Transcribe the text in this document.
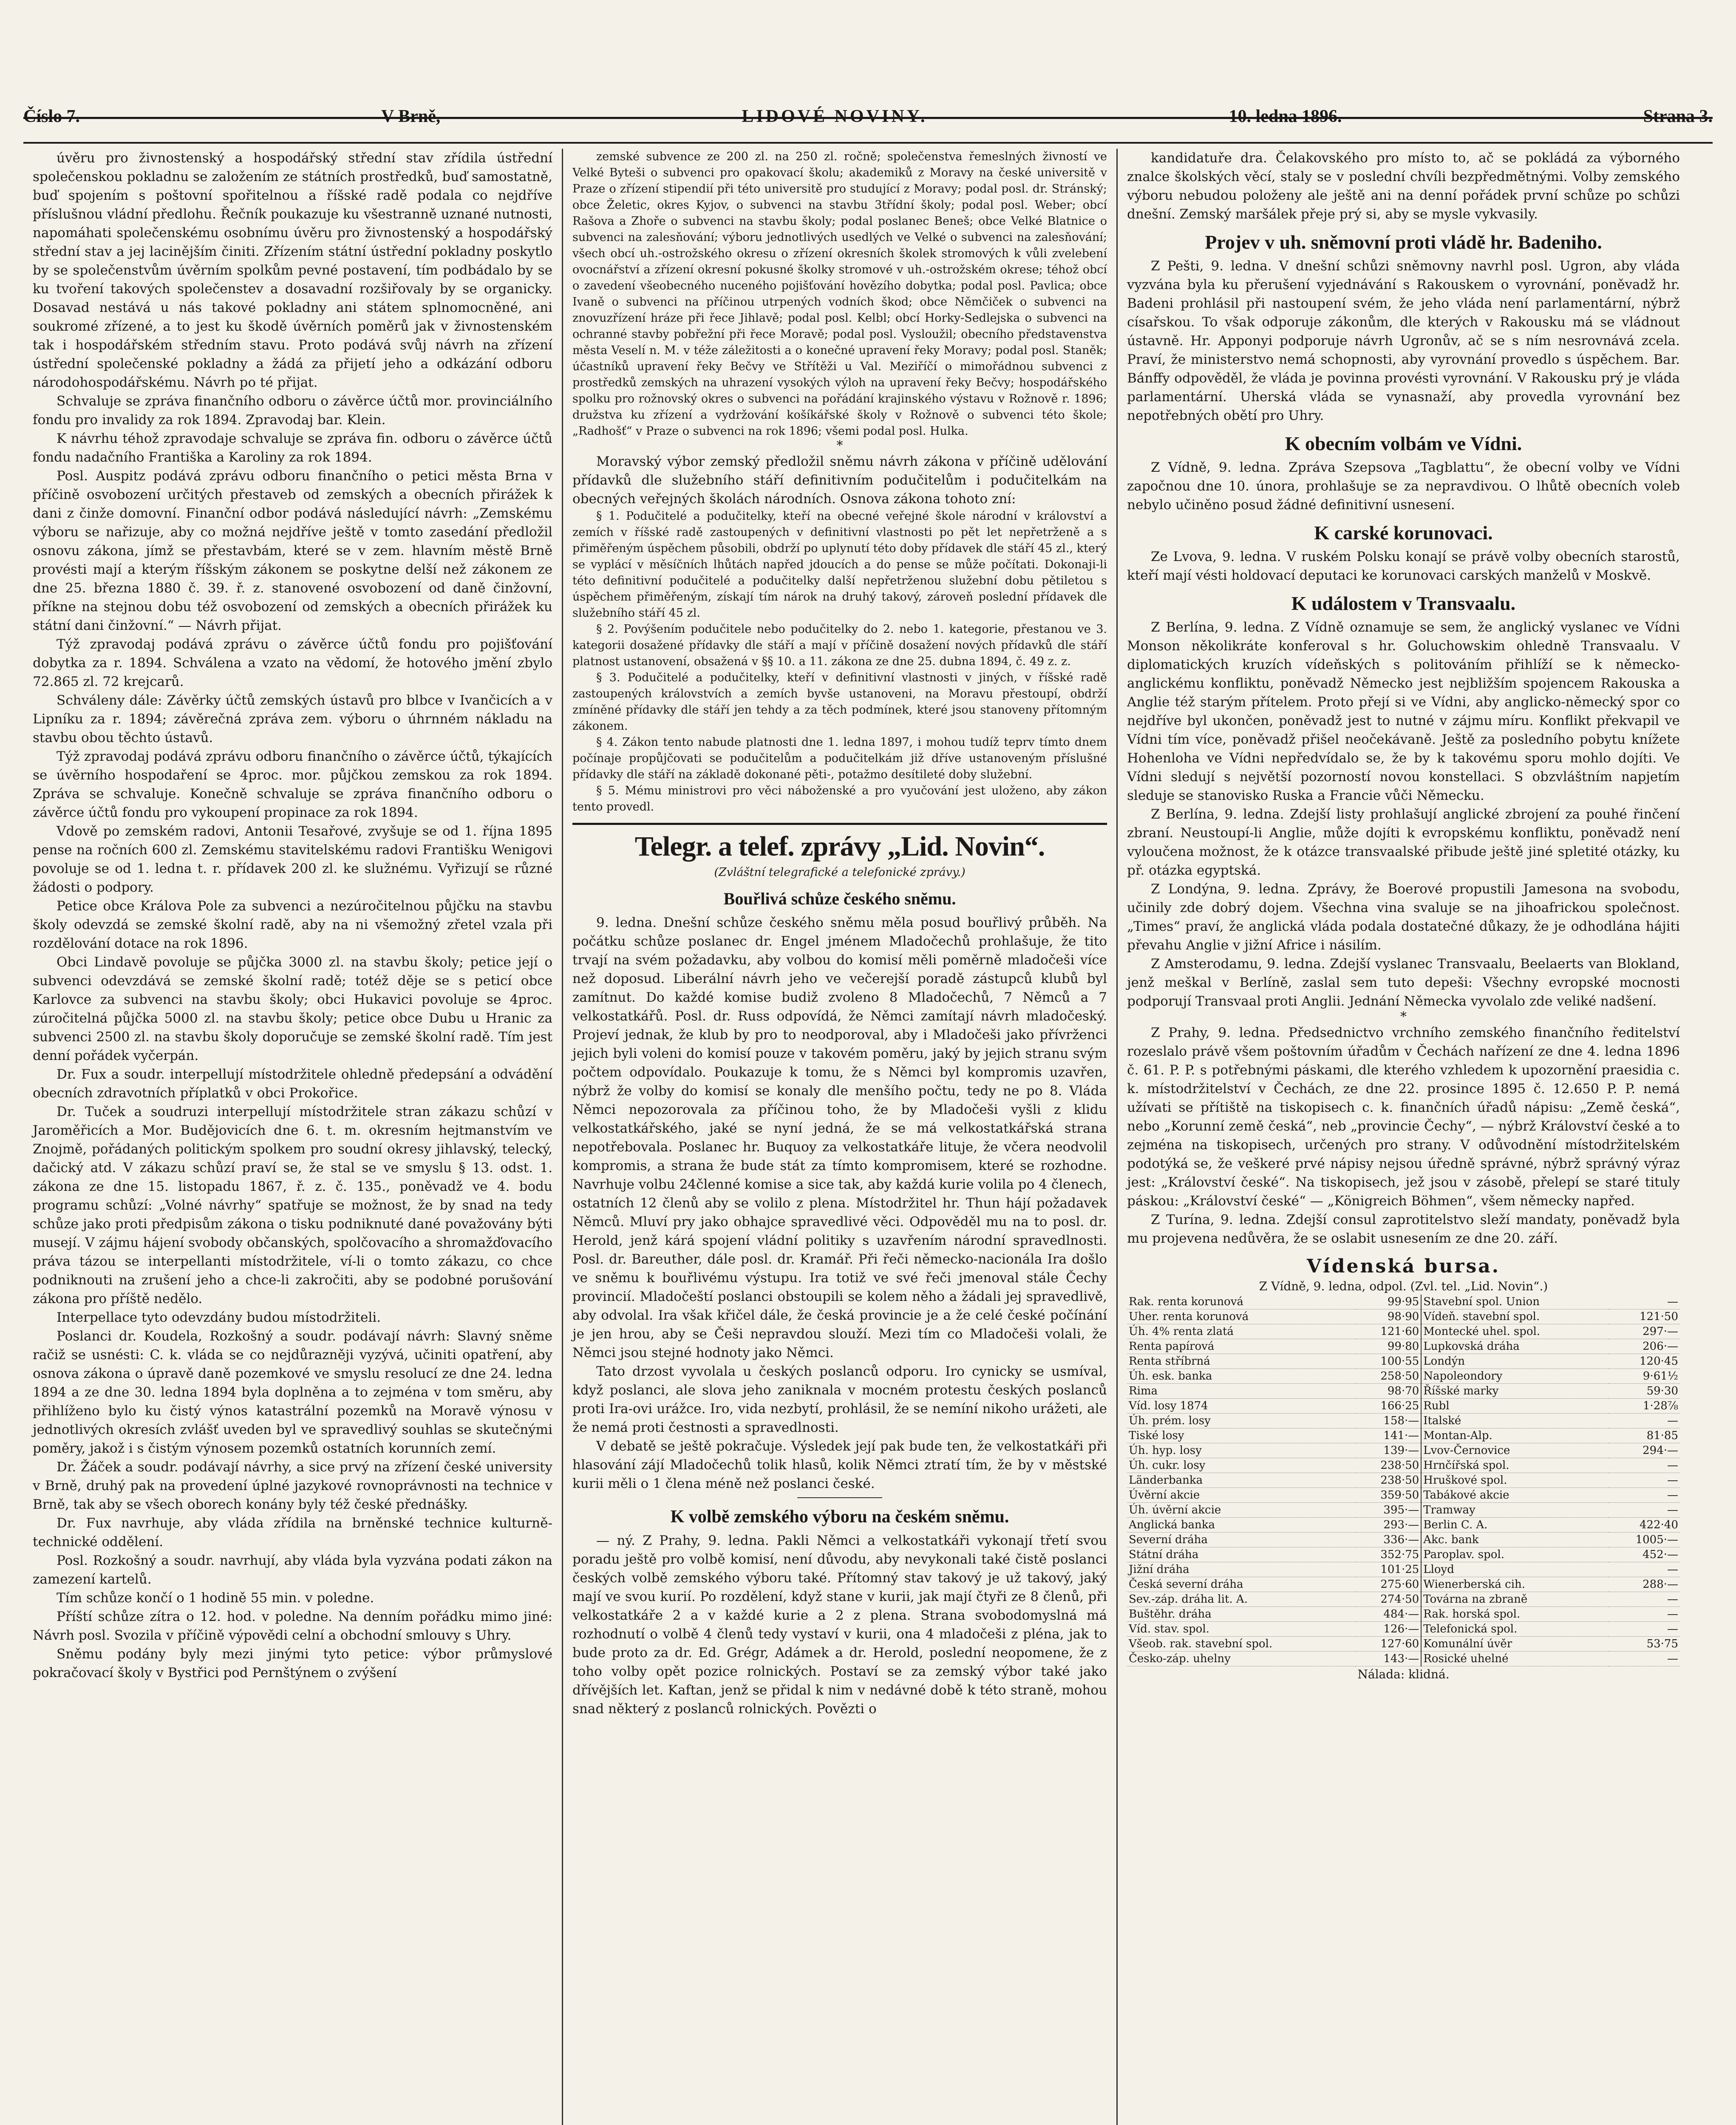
Číslo 7.	V Brně,	LIDOVÉ NOVINY.	10. ledna 1896.	Strana 3.

úvěru pro živnostenský a hospodářský střední stav zřídila ústřední společenskou pokladnu se založením ze státních prostředků, buď samostatně, buď spojením s poštovní spořitelnou a říšské radě podala co nejdříve příslušnou vládní předlohu. Řečník poukazuje ku všestranně uznané nutnosti, napomáhati společenskému osobnímu úvěru pro živnostenský a hospodářský střední stav a jej lacinějším činiti. Zřízením státní ústřední pokladny poskytlo by se společenstvům úvěrním spolkům pevné postavení, tím podbádalo by se ku tvoření takových společenstev a dosavadní rozšiřovaly by se organicky. Dosavad nestává u nás takové pokladny ani státem splnomocněné, ani soukromé zřízené, a to jest ku škodě úvěrních poměrů jak v živnostenském tak i hospodářském středním stavu. Proto podává svůj návrh na zřízení ústřední společenské pokladny a žádá za přijetí jeho a odkázání odboru národohospodářskému. Návrh po té přijat.

Schvaluje se zpráva finančního odboru o závěrce účtů mor. provinciálního fondu pro invalidy za rok 1894. Zpravodaj bar. Klein.

K návrhu téhož zpravodaje schvaluje se zpráva fin. odboru o závěrce účtů fondu nadačního Františka a Karoliny za rok 1894.

Posl. Auspitz podává zprávu odboru finančního o petici města Brna v příčině osvobození určitých přestaveb od zemských a obecních přirážek k dani z činže domovní. Finanční odbor podává následující návrh: „Zemskému výboru se nařizuje, aby co možná nejdříve ještě v tomto zasedání předložil osnovu zákona, jímž se přestavbám, které se v zem. hlavním městě Brně provésti mají a kterým říšským zákonem se poskytne delší než zákonem ze dne 25. března 1880 č. 39. ř. z. stanovené osvobození od daně činžovní, příkne na stejnou dobu též osvobození od zemských a obecních přirážek ku státní dani činžovní.“ — Návrh přijat.

Týž zpravodaj podává zprávu o závěrce účtů fondu pro pojišťování dobytka za r. 1894. Schválena a vzato na vědomí, že hotového jmění zbylo 72.865 zl. 72 krejcarů.

Schváleny dále: Závěrky účtů zemských ústavů pro blbce v Ivančicích a v Lipníku za r. 1894; závěrečná zpráva zem. výboru o úhrnném nákladu na stavbu obou těchto ústavů.

Týž zpravodaj podává zprávu odboru finančního o závěrce účtů, týkajících se úvěrního hospodaření se 4proc. mor. půjčkou zemskou za rok 1894. Zpráva se schvaluje. Konečně schvaluje se zpráva finančního odboru o závěrce účtů fondu pro vykoupení propinace za rok 1894.

Vdově po zemském radovi, Antonii Tesařové, zvyšuje se od 1. října 1895 pense na ročních 600 zl. Zemskému stavitelskému radovi Františku Wenigovi povoluje se od 1. ledna t. r. přídavek 200 zl. ke služnému. Vyřizují se různé žádosti o podpory.

Petice obce Králova Pole za subvenci a nezúročitelnou půjčku na stavbu školy odevzdá se zemské školní radě, aby na ni všemožný zřetel vzala při rozdělování dotace na rok 1896.

Obci Lindavě povoluje se půjčka 3000 zl. na stavbu školy; petice její o subvenci odevzdává se zemské školní radě; totéž děje se s peticí obce Karlovce za subvenci na stavbu školy; obci Hukavici povoluje se 4proc. zúročitelná půjčka 5000 zl. na stavbu školy; petice obce Dubu u Hranic za subvenci 2500 zl. na stavbu školy doporučuje se zemské školní radě. Tím jest denní pořádek vyčerpán.

Dr. Fux a soudr. interpellují místodržitele ohledně předepsání a odvádění obecních zdravotních příplatků v obci Prokořice.

Dr. Tuček a soudruzi interpellují místodržitele stran zákazu schůzí v Jaroměřicích a Mor. Budějovicích dne 6. t. m. okresním hejtmanstvím ve Znojmě, pořádaných politickým spolkem pro soudní okresy jihlavský, telecký, dačický atd. V zákazu schůzí praví se, že stal se ve smyslu § 13. odst. 1. zákona ze dne 15. listopadu 1867, ř. z. č. 135., poněvadž ve 4. bodu programu schůzí: „Volné návrhy“ spatřuje se možnost, že by snad na tedy schůze jako proti předpisům zákona o tisku podniknuté dané považovány býti musejí. V zájmu hájení svobody občanských, spolčovacího a shromažďovacího práva tázou se interpellanti místodržitele, ví-li o tomto zákazu, co chce podniknouti na zrušení jeho a chce-li zakročiti, aby se podobné porušování zákona pro příště nedělo.

Interpellace tyto odevzdány budou místodržiteli.

Poslanci dr. Koudela, Rozkošný a soudr. podávají návrh: Slavný sněme račiž se usnésti: C. k. vláda se co nejdůrazněji vyzývá, učiniti opatření, aby osnova zákona o úpravě daně pozemkové ve smyslu resolucí ze dne 24. ledna 1894 a ze dne 30. ledna 1894 byla doplněna a to zejména v tom směru, aby přihlíženo bylo ku čistý výnos katastrální pozemků na Moravě výnosu v jednotlivých okresích zvlášť uveden byl ve spravedlivý souhlas se skutečnými poměry, jakož i s čistým výnosem pozemků ostatních korunních zemí.

Dr. Žáček a soudr. podávají návrhy, a sice prvý na zřízení české university v Brně, druhý pak na provedení úplné jazykové rovnoprávnosti na technice v Brně, tak aby se všech oborech konány byly též české přednášky.

Dr. Fux navrhuje, aby vláda zřídila na brněnské technice kulturně-technické oddělení.

Posl. Rozkošný a soudr. navrhují, aby vláda byla vyzvána podati zákon na zamezení kartelů.

Tím schůze končí o 1 hodině 55 min. v poledne.

Příští schůze zítra o 12. hod. v poledne. Na denním pořádku mimo jiné: Návrh posl. Svozila v příčině výpovědi celní a obchodní smlouvy s Uhry.

Sněmu podány byly mezi jinými tyto petice: výbor průmyslové pokračovací školy v Bystřici pod Pernštýnem o zvýšení

zemské subvence ze 200 zl. na 250 zl. ročně; společenstva řemeslných živností ve Velké Byteši o subvenci pro opakovací školu; akademiků z Moravy na české universitě v Praze o zřízení stipendií při této universitě pro studující z Moravy; podal posl. dr. Stránský; obce Želetic, okres Kyjov, o subvenci na stavbu 3třídní školy; podal posl. Weber; obcí Rašova a Zhoře o subvenci na stavbu školy; podal poslanec Beneš; obce Velké Blatnice o subvenci na zalesňování; výboru jednotlivých usedlých ve Velké o subvenci na zalesňování; všech obcí uh.-ostrožského okresu o zřízení okresních školek stromových k vůli zvelebení ovocnářství a zřízení okresní pokusné školky stromové v uh.-ostrožském okrese; téhož obcí o zavedení všeobecného nuceného pojišťování hovězího dobytka; podal posl. Pavlica; obce Ivaně o subvenci na příčinou utrpených vodních škod; obce Němčiček o subvenci na znovuzřízení hráze při řece Jihlavě; podal posl. Kelbl; obcí Horky-Sedlejska o subvenci na ochranné stavby pobřežní při řece Moravě; podal posl. Vysloužil; obecního představenstva města Veselí n. M. v téže záležitosti a o konečné upravení řeky Moravy; podal posl. Staněk; účastníků upravení řeky Bečvy ve Střítěži u Val. Meziříčí o mimořádnou subvenci z prostředků zemských na uhrazení vysokých výloh na upravení řeky Bečvy; hospodářského spolku pro rožnovský okres o subvenci na pořádání krajinského výstavu v Rožnově r. 1896; družstva ku zřízení a vydržování košíkářské školy v Rožnově o subvenci této škole; „Radhošť“ v Praze o subvenci na rok 1896; všemi podal posl. Hulka.

*

Moravský výbor zemský předložil sněmu návrh zákona v příčině udělování přídavků dle služebního stáří definitivním podučitelům i podučitelkám na obecných veřejných školách národních. Osnova zákona tohoto zní:

§ 1. Podučitelé a podučitelky, kteří na obecné veřejné škole národní v království a zemích v říšské radě zastoupených v definitivní vlastnosti po pět let nepřetrženě a s přiměřeným úspěchem působili, obdrží po uplynutí této doby přídavek dle stáří 45 zl., který se vyplácí v měsíčních lhůtách napřed jdoucích a do pense se může počítati. Dokonaji-li této definitivní podučitelé a podučitelky další nepřetrženou služební dobu pětiletou s úspěchem přiměřeným, získají tím nárok na druhý takový, zároveň poslední přídavek dle služebního stáří 45 zl.

§ 2. Povýšením podučitele nebo podučitelky do 2. nebo 1. kategorie, přestanou ve 3. kategorii dosažené přídavky dle stáří a mají v příčině dosažení nových přídavků dle stáří platnost ustanovení, obsažená v §§ 10. a 11. zákona ze dne 25. dubna 1894, č. 49 z. z.

§ 3. Podučitelé a podučitelky, kteří v definitivní vlastnosti v jiných, v říšské radě zastoupených královstvích a zemích byvše ustanoveni, na Moravu přestoupí, obdrží zmíněné přídavky dle stáří jen tehdy a za těch podmínek, které jsou stanoveny přítomným zákonem.

§ 4. Zákon tento nabude platnosti dne 1. ledna 1897, i mohou tudíž teprv tímto dnem počínaje propůjčovati se podučitelům a podučitelkám již dříve ustanoveným příslušné přídavky dle stáří na základě dokonané pěti-, potažmo desítileté doby služební.

§ 5. Mému ministrovi pro věci náboženské a pro vyučování jest uloženo, aby zákon tento provedl.

Telegr. a telef. zprávy „Lid. Novin“.
(Zvláštní telegrafické a telefonické zprávy.)
Bouřlivá schůze českého sněmu.

9. ledna. Dnešní schůze českého sněmu měla posud bouřlivý průběh. Na počátku schůze poslanec dr. Engel jménem Mladočechů prohlašuje, že tito trvají na svém požadavku, aby volbou do komisí měli poměrně mladočeši více než doposud. Liberální návrh jeho ve večerejší poradě zástupců klubů byl zamítnut. Do každé komise budiž zvoleno 8 Mladočechů, 7 Němců a 7 velkostatkářů. Posl. dr. Russ odpovídá, že Němci zamítají návrh mladočeský. Projeví jednak, že klub by pro to neodporoval, aby i Mladočeši jako přívrženci jejich byli voleni do komisí pouze v takovém poměru, jaký by jejich stranu svým počtem odpovídalo. Poukazuje k tomu, že s Němci byl kompromis uzavřen, nýbrž že volby do komisí se konaly dle menšího počtu, tedy ne po 8. Vláda Němci nepozorovala za příčinou toho, že by Mladočeši vyšli z klidu velkostatkářského, jaké se nyní jedná, že se má velkostatkářská strana nepotřebovala. Poslanec hr. Buquoy za velkostatkáře lituje, že včera neodvolil kompromis, a strana že bude stát za tímto kompromisem, které se rozhodne. Navrhuje volbu 24členné komise a sice tak, aby každá kurie volila po 4 členech, ostatních 12 členů aby se volilo z plena. Místodržitel hr. Thun hájí požadavek Němců. Mluví pry jako obhajce spravedlivé věci. Odpověděl mu na to posl. dr. Herold, jenž kárá spojení vládní politiky s uzavřením národní spravedlnosti. Posl. dr. Bareuther, dále posl. dr. Kramář. Při řeči německo-nacionála Ira došlo ve sněmu k bouřlivému výstupu. Ira totiž ve své řeči jmenoval stále Čechy provincií. Mladočeští poslanci obstoupili se kolem něho a žádali jej spravedlivě, aby odvolal. Ira však křičel dále, že česká provincie je a že celé české počínání je jen hrou, aby se Češi nepravdou slouží. Mezi tím co Mladočeši volali, že Němci jsou stejné hodnoty jako Němci.

Tato drzost vyvolala u českých poslanců odporu. Iro cynicky se usmíval, když poslanci, ale slova jeho zaniknala v mocném protestu českých poslanců proti Ira-ovi urážce. Iro, vida nezbytí, prohlásil, že se nemíní nikoho urážeti, ale že nemá proti čestnosti a spravedlnosti.

V debatě se ještě pokračuje. Výsledek její pak bude ten, že velkostatkáři při hlasování zájí Mladočechů tolik hlasů, kolik Němci ztratí tím, že by v městské kurii měli o 1 člena méně než poslanci české.

K volbě zemského výboru na českém sněmu.

— ný. Z Prahy, 9. ledna. Pakli Němci a velkostatkáři vykonají třetí svou poradu ještě pro volbě komisí, není důvodu, aby nevykonali také čistě poslanci českých volbě zemského výboru také. Přítomný stav takový je už takový, jaký mají ve svou kurií. Po rozdělení, když stane v kurii, jak mají čtyři ze 8 členů, při velkostatkáře 2 a v každé kurie a 2 z plena. Strana svobodomyslná má rozhodnutí o volbě 4 členů tedy vystaví v kurii, ona 4 mladočeši z pléna, jak to bude proto za dr. Ed. Grégr, Adámek a dr. Herold, poslední neopomene, že z toho volby opět pozice rolnických. Postaví se za zemský výbor také jako dřívějších let. Kaftan, jenž se přidal k nim v nedávné době k této straně, mohou snad některý z poslanců rolnických. Povězti o

kandidatuře dra. Čelakovského pro místo to, ač se pokládá za výborného znalce školských věcí, staly se v poslední chvíli bezpředmětnými. Volby zemského výboru nebudou položeny ale ještě ani na denní pořádek první schůze po schůzi dnešní. Zemský maršálek přeje prý si, aby se mysle vykvasily.

Projev v uh. sněmovní proti vládě hr. Badeniho.

Z Pešti, 9. ledna. V dnešní schůzi sněmovny navrhl posl. Ugron, aby vláda vyzvána byla ku přerušení vyjednávání s Rakouskem o vyrovnání, poněvadž hr. Badeni prohlásil při nastoupení svém, že jeho vláda není parlamentární, nýbrž císařskou. To však odporuje zákonům, dle kterých v Rakousku má se vládnout ústavně. Hr. Apponyi podporuje návrh Ugronův, ač se s ním nesrovnává zcela. Praví, že ministerstvo nemá schopnosti, aby vyrovnání provedlo s úspěchem. Bar. Bánffy odpověděl, že vláda je povinna provésti vyrovnání. V Rakousku prý je vláda parlamentární. Uherská vláda se vynasnaží, aby provedla vyrovnání bez nepotřebných obětí pro Uhry.

K obecním volbám ve Vídni.

Z Vídně, 9. ledna. Zpráva Szepsova „Tagblattu“, že obecní volby ve Vídni započnou dne 10. února, prohlašuje se za nepravdivou. O lhůtě obecních voleb nebylo učiněno posud žádné definitivní usnesení.

K carské korunovaci.

Ze Lvova, 9. ledna. V ruském Polsku konají se právě volby obecních starostů, kteří mají vésti holdovací deputaci ke korunovaci carských manželů v Moskvě.

K událostem v Transvaalu.

Z Berlína, 9. ledna. Z Vídně oznamuje se sem, že anglický vyslanec ve Vídni Monson několikráte konferoval s hr. Goluchowskim ohledně Transvaalu. V diplomatických kruzích vídeňských s politováním přihlíží se k německo-anglickému konfliktu, poněvadž Německo jest nejbližším spojencem Rakouska a Anglie též starým přítelem. Proto přejí si ve Vídni, aby anglicko-německý spor co nejdříve byl ukončen, poněvadž jest to nutné v zájmu míru. Konflikt překvapil ve Vídni tím více, poněvadž přišel neočekávaně. Ještě za posledního pobytu knížete Hohenloha ve Vídni nepředvídalo se, že by k takovému sporu mohlo dojíti. Ve Vídni sledují s největší pozorností novou konstellaci. S obzvláštním napjetím sleduje se stanovisko Ruska a Francie vůči Německu.

Z Berlína, 9. ledna. Zdejší listy prohlašují anglické zbrojení za pouhé řinčení zbraní. Neustoupí-li Anglie, může dojíti k evropskému konfliktu, poněvadž není vyloučena možnost, že k otázce transvaalské přibude ještě jiné spletité otázky, ku př. otázka egyptská.

Z Londýna, 9. ledna. Zprávy, že Boerové propustili Jamesona na svobodu, učinily zde dobrý dojem. Všechna vina svaluje se na jihoafrickou společnost. „Times“ praví, že anglická vláda podala dostatečné důkazy, že je odhodlána hájiti převahu Anglie v jižní Africe i násilím.

Z Amsterodamu, 9. ledna. Zdejší vyslanec Transvaalu, Beelaerts van Blokland, jenž meškal v Berlíně, zaslal sem tuto depeši: Všechny evropské mocnosti podporují Transvaal proti Anglii. Jednání Německa vyvolalo zde veliké nadšení.

*

Z Prahy, 9. ledna. Předsednictvo vrchního zemského finančního ředitelství rozeslalo právě všem poštovním úřadům v Čechách nařízení ze dne 4. ledna 1896 č. 61. P. P. s potřebnými páskami, dle kterého vzhledem k upozornění praesidia c. k. místodržitelství v Čechách, ze dne 22. prosince 1895 č. 12.650 P. P. nemá užívati se přítiště na tiskopisech c. k. finančních úřadů nápisu: „Země česká“, nebo „Korunní země česká“, neb „provincie Čechy“, — nýbrž Království české a to zejména na tiskopisech, určených pro strany. V odůvodnění místodržitelském podotýká se, že veškeré prvé nápisy nejsou úředně správné, nýbrž správný výraz jest: „Království české“. Na tiskopisech, jež jsou v zásobě, přelepí se staré tituly páskou: „Království české“ — „Königreich Böhmen“, všem německy napřed.

Z Turína, 9. ledna. Zdejší consul zaprotitelstvo sleží mandaty, poněvadž byla mu projevena nedůvěra, že se oslabit usnesením ze dne 20. září.

Vídenská bursa.
Z Vídně, 9. ledna, odpol. (Zvl. tel. „Lid. Novin“.)
Rak. renta korunová	99·95	Stavební spol. Union	—
Uher. renta korunová	98·90	Vídeň. stavební spol.	121·50
Úh. 4% renta zlatá	121·60	Montecké uhel. spol.	297·—
Renta papírová	99·80	Lupkovská dráha	206·—
Renta stříbrná	100·55	Londýn	120·45
Úh. esk. banka	258·50	Napoleondory	9·61½
Rima	98·70	Říšské marky	59·30
Víd. losy 1874	166·25	Rubl	1·28⅞
Úh. prém. losy	158·—	Italské	—
Tiské losy	141·—	Montan-Alp.	81·85
Úh. hyp. losy	139·—	Lvov-Černovice	294·—
Úh. cukr. losy	238·50	Hrnčířská spol.	—
Länderbanka	238·50	Hruškové spol.	—
Úvěrní akcie	359·50	Tabákové akcie	—
Úh. úvěrní akcie	395·—	Tramway	—
Anglická banka	293·—	Berlin C. A.	422·40
Severní dráha	336·—	Akc. bank	1005·—
Státní dráha	352·75	Paroplav. spol.	452·—
Jižní dráha	101·25	Lloyd	—
Česká severní dráha	275·60	Wienerberská cih.	288·—
Sev.-záp. dráha lit. A.	274·50	Továrna na zbraně	—
Buštěhr. dráha	484·—	Rak. horská spol.	—
Víd. stav. spol.	126·—	Telefonická spol.	—
Všeob. rak. stavební spol.	127·60	Komunální úvěr	53·75
Česko-záp. uhelny	143·—	Rosické uhelné	—
Nálada: klidná.
